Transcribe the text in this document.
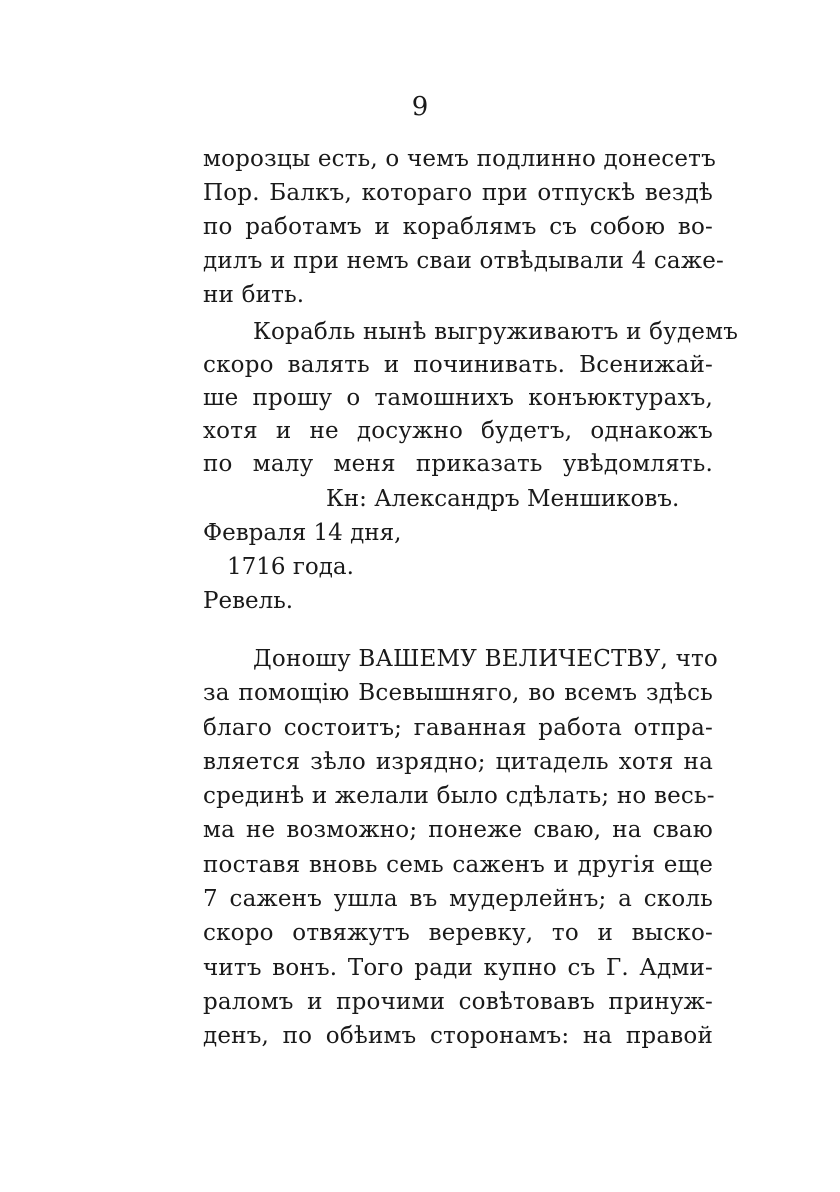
9
морозцы есть, о чемъ подлинно донесетъ
Пор. Балкъ, котораго при отпускѣ вездѣ
по работамъ и кораблямъ съ собою во-
дилъ и при немъ сваи отвѣдывали 4 саже-
ни бить.
Корабль нынѣ выгруживаютъ и будемъ
скоро валять и починивать. Всенижай-
ше прошу о тамошнихъ конъюктурахъ,
хотя и не досужно будетъ, однакожъ
по малу меня приказать увѣдомлять.
Кн: Александръ Меншиковъ.
Февраля 14 дня,
1716 года.
Ревель.
Доношу ВАШЕМУ ВЕЛИЧЕСТВУ, что
за помощію Всевышняго, во всемъ здѣсь
благо состоитъ; гаванная работа отпра-
вляется зѣло изрядно; цитадель хотя на
срединѣ и желали было сдѣлать; но весь-
ма не возможно; понеже сваю, на сваю
поставя вновь семь саженъ и другія еще
7 саженъ ушла въ мудерлейнъ; а сколь
скоро отвяжутъ веревку, то и выско-
читъ вонъ. Того ради купно съ Г. Адми-
раломъ и прочими совѣтовавъ принуж-
денъ, по обѣимъ сторонамъ: на правой
